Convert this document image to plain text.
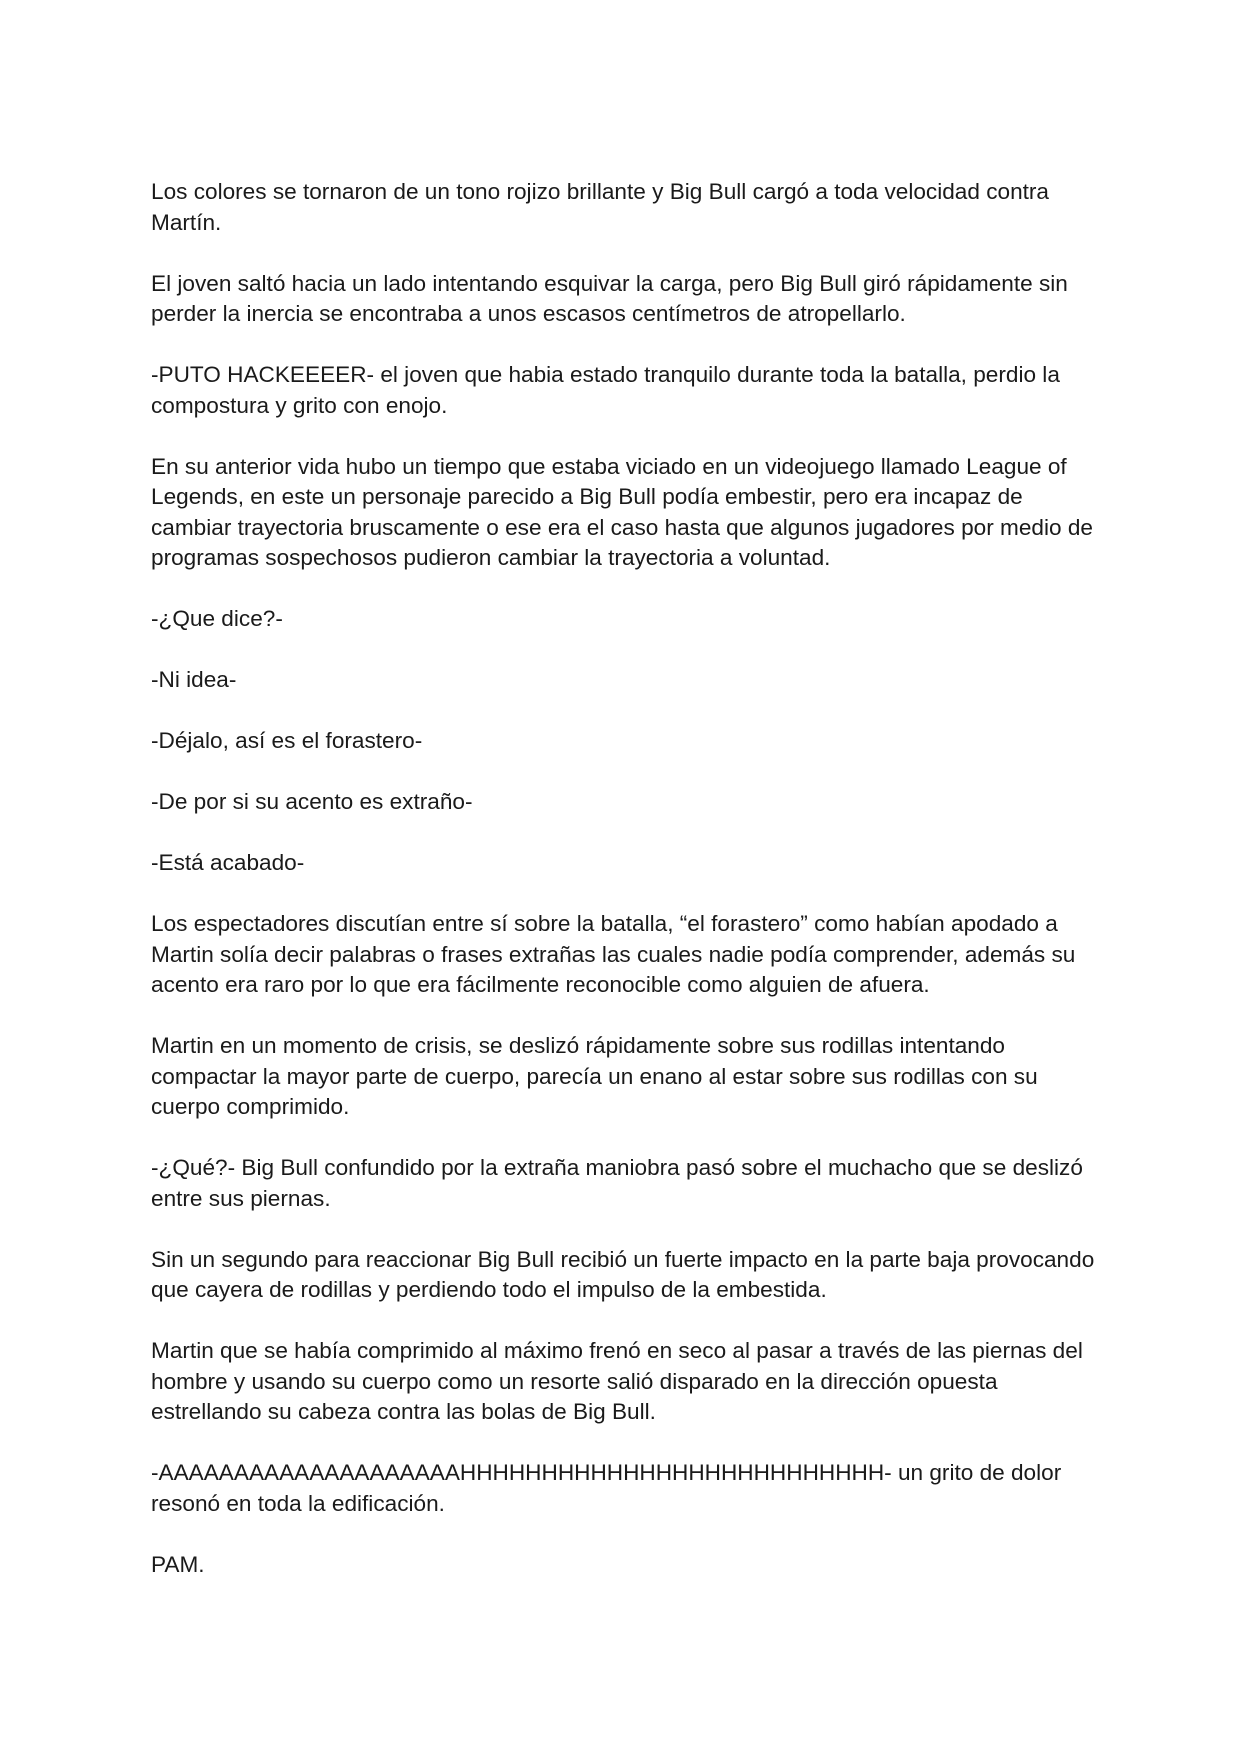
Los colores se tornaron de un tono rojizo brillante y Big Bull cargó a toda velocidad contra Martín.

El joven saltó hacia un lado intentando esquivar la carga, pero Big Bull giró rápidamente sin perder la inercia se encontraba a unos escasos centímetros de atropellarlo.

-PUTO HACKEEEER- el joven que habia estado tranquilo durante toda la batalla, perdio la compostura y grito con enojo.

En su anterior vida hubo un tiempo que estaba viciado en un videojuego llamado League of Legends, en este un personaje parecido a Big Bull podía embestir, pero era incapaz de cambiar trayectoria bruscamente o ese era el caso hasta que algunos jugadores por medio de programas sospechosos pudieron cambiar la trayectoria a voluntad.

-¿Que dice?-

-Ni idea-

-Déjalo, así es el forastero-

-De por si su acento es extraño-

-Está acabado-

Los espectadores discutían entre sí sobre la batalla, “el forastero” como habían apodado a Martin solía decir palabras o frases extrañas las cuales nadie podía comprender, además su acento era raro por lo que era fácilmente reconocible como alguien de afuera.

Martin en un momento de crisis, se deslizó rápidamente sobre sus rodillas intentando compactar la mayor parte de cuerpo, parecía un enano al estar sobre sus rodillas con su cuerpo comprimido.

-¿Qué?- Big Bull confundido por la extraña maniobra pasó sobre el muchacho que se deslizó entre sus piernas.

Sin un segundo para reaccionar Big Bull recibió un fuerte impacto en la parte baja provocando que cayera de rodillas y perdiendo todo el impulso de la embestida.

Martin que se había comprimido al máximo frenó en seco al pasar a través de las piernas del hombre y usando su cuerpo como un resorte salió disparado en la dirección opuesta estrellando su cabeza contra las bolas de Big Bull.

-AAAAAAAAAAAAAAAAAAAAHHHHHHHHHHHHHHHHHHHHHHHHHH- un grito de dolor resonó en toda la edificación.

PAM.
